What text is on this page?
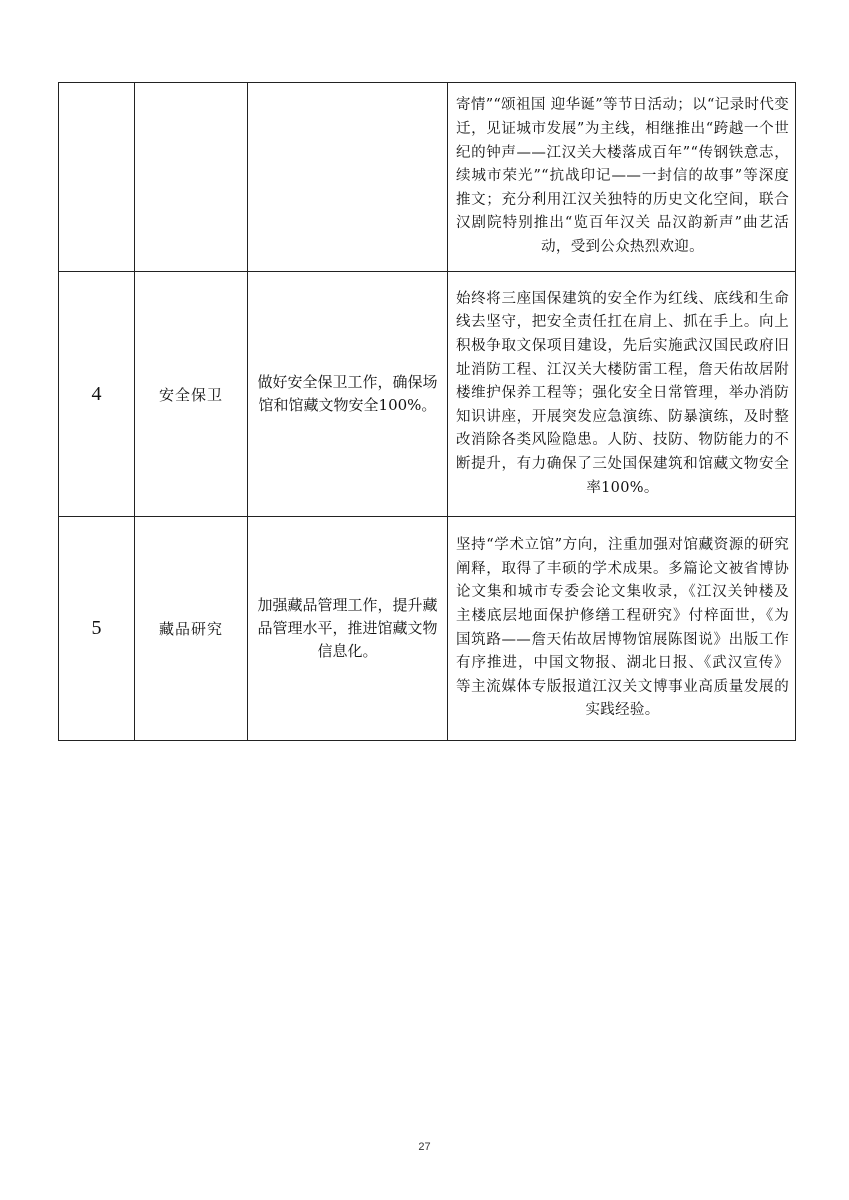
			寄情”“颂祖国 迎华诞”等节日活动；以“记录时代变迁，见证城市发展”为主线，相继推出“跨越一个世纪的钟声——江汉关大楼落成百年”“传钢铁意志，续城市荣光”“抗战印记——一封信的故事”等深度推文；充分利用江汉关独特的历史文化空间，联合汉剧院特别推出“览百年汉关 品汉韵新声”曲艺活动，受到公众热烈欢迎。
4	安全保卫	做好安全保卫工作，确保场馆和馆藏文物安全100%。	始终将三座国保建筑的安全作为红线、底线和生命线去坚守，把安全责任扛在肩上、抓在手上。向上积极争取文保项目建设，先后实施武汉国民政府旧址消防工程、江汉关大楼防雷工程，詹天佑故居附楼维护保养工程等；强化安全日常管理，举办消防知识讲座，开展突发应急演练、防暴演练，及时整改消除各类风险隐患。人防、技防、物防能力的不断提升，有力确保了三处国保建筑和馆藏文物安全率100%。
5	藏品研究	加强藏品管理工作，提升藏品管理水平，推进馆藏文物信息化。	坚持“学术立馆”方向，注重加强对馆藏资源的研究阐释，取得了丰硕的学术成果。多篇论文被省博协论文集和城市专委会论文集收录，《江汉关钟楼及主楼底层地面保护修缮工程研究》付梓面世，《为国筑路——詹天佑故居博物馆展陈图说》出版工作有序推进，中国文物报、湖北日报、《武汉宣传》等主流媒体专版报道江汉关文博事业高质量发展的实践经验。
27
